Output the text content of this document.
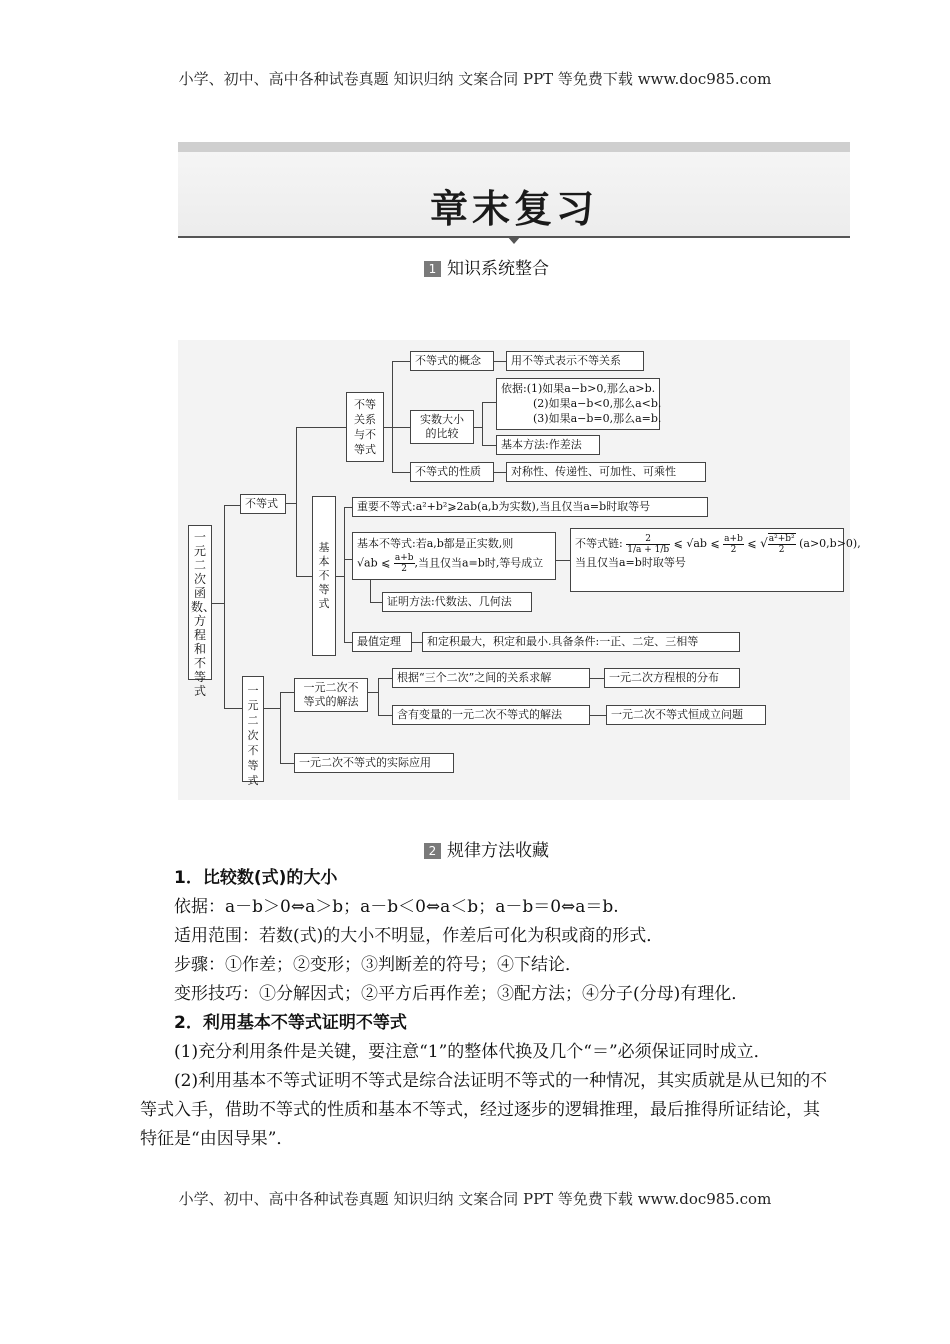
小学、初中、高中各种试卷真题 知识归纳 文案合同 PPT 等免费下载 www.doc985.com
章末复习
1 知识系统整合
一元二次函数、方程和不等式
不等式
不等关系与不等式
不等式的概念	用不等式表示不等关系
实数大小的比较
依据:(1)如果a−b>0,那么a>b.
(2)如果a−b<0,那么a<b.
(3)如果a−b=0,那么a=b.
基本方法:作差法
不等式的性质	对称性、传递性、可加性、可乘性
基本不等式
重要不等式:a²+b²⩾2ab(a,b为实数),当且仅当a=b时取等号
基本不等式:若a,b都是正实数,则
√ab ⩽ $\frac{a+b}{2}$ ,当且仅当a=b时,等号成立
不等式链: $\frac{2}{1/a + 1/b}$ ⩽ √ab ⩽ $\frac{a+b}{2}$ ⩽ √ $\frac{\text{a²+b²}}{2} (a>0,b>0)$,
当且仅当a=b时取等号
证明方法:代数法、几何法
最值定理	和定积最大，积定和最小.具备条件:一正、二定、三相等
一元二次不等式
一元二次不等式的解法
根据“三个二次”之间的关系求解	一元二次方程根的分布
含有变量的一元二次不等式的解法	一元二次不等式恒成立问题
一元二次不等式的实际应用
2 规律方法收藏
1．比较数(式)的大小
依据：a－b＞0⇔a＞b；a－b＜0⇔a＜b；a－b＝0⇔a＝b.
适用范围：若数(式)的大小不明显，作差后可化为积或商的形式．
步骤：①作差；②变形；③判断差的符号；④下结论．
变形技巧：①分解因式；②平方后再作差；③配方法；④分子(分母)有理化．
2．利用基本不等式证明不等式
(1)充分利用条件是关键，要注意“1”的整体代换及几个“＝”必须保证同时成立．
(2)利用基本不等式证明不等式是综合法证明不等式的一种情况，其实质就是从已知的不等式入手，借助不等式的性质和基本不等式，经过逐步的逻辑推理，最后推得所证结论，其特征是“由因导果”．
小学、初中、高中各种试卷真题 知识归纳 文案合同 PPT 等免费下载 www.doc985.com
